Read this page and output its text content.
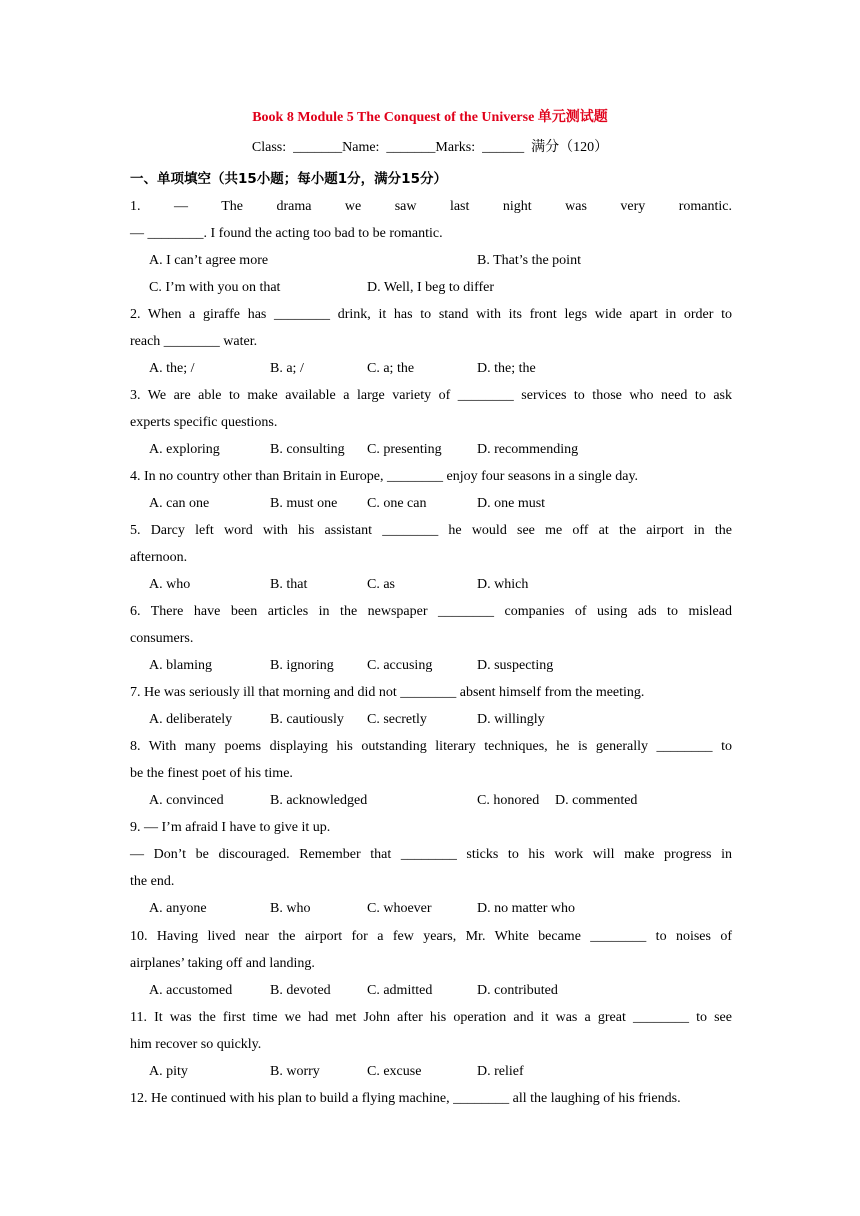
Book 8 Module 5 The Conquest of the Universe 单元测试题
Class:  _______Name:  _______Marks:  ______  满分（120）
一、单项填空（共15小题；每小题1分，满分15分）
1. — The drama we saw last night was very romantic.
— ________. I found the acting too bad to be romantic.
A. I can’t agree more	B. That’s the point
C. I’m with you on that	D. Well, I beg to differ
2. When a giraffe has ________ drink, it has to stand with its front legs wide apart in order to
reach ________ water.
A. the; /	B. a; /	C. a; the	D. the; the
3. We are able to make available a large variety of ________ services to those who need to ask
experts specific questions.
A. exploring	B. consulting C. presenting	D. recommending
4. In no country other than Britain in Europe, ________ enjoy four seasons in a single day.
A. can one	B. must one C. one can	D. one must
5. Darcy left word with his assistant ________ he would see me off at the airport in the
afternoon.
A. who	B. that	C. as	D. which
6. There have been articles in the newspaper ________ companies of using ads to mislead
consumers.
A. blaming	B. ignoring C. accusing	D. suspecting
7. He was seriously ill that morning and did not ________ absent himself from the meeting.
A. deliberately	B. cautiously C. secretly	D. willingly
8. With many poems displaying his outstanding literary techniques, he is generally ________ to
be the finest poet of his time.
A. convinced	B. acknowledged	C. honored D. commented
9. — I’m afraid I have to give it up.
— Don’t be discouraged. Remember that ________ sticks to his work will make progress in
the end.
A. anyone	B. who	C. whoever	D. no matter who
10. Having lived near the airport for a few years, Mr. White became ________ to noises of
airplanes’ taking off and landing.
A. accustomed	B. devoted	C. admitted	D. contributed
11. It was the first time we had met John after his operation and it was a great ________ to see
him recover so quickly.
A. pity	B. worry	C. excuse	D. relief
12. He continued with his plan to build a flying machine, ________ all the laughing of his friends.
